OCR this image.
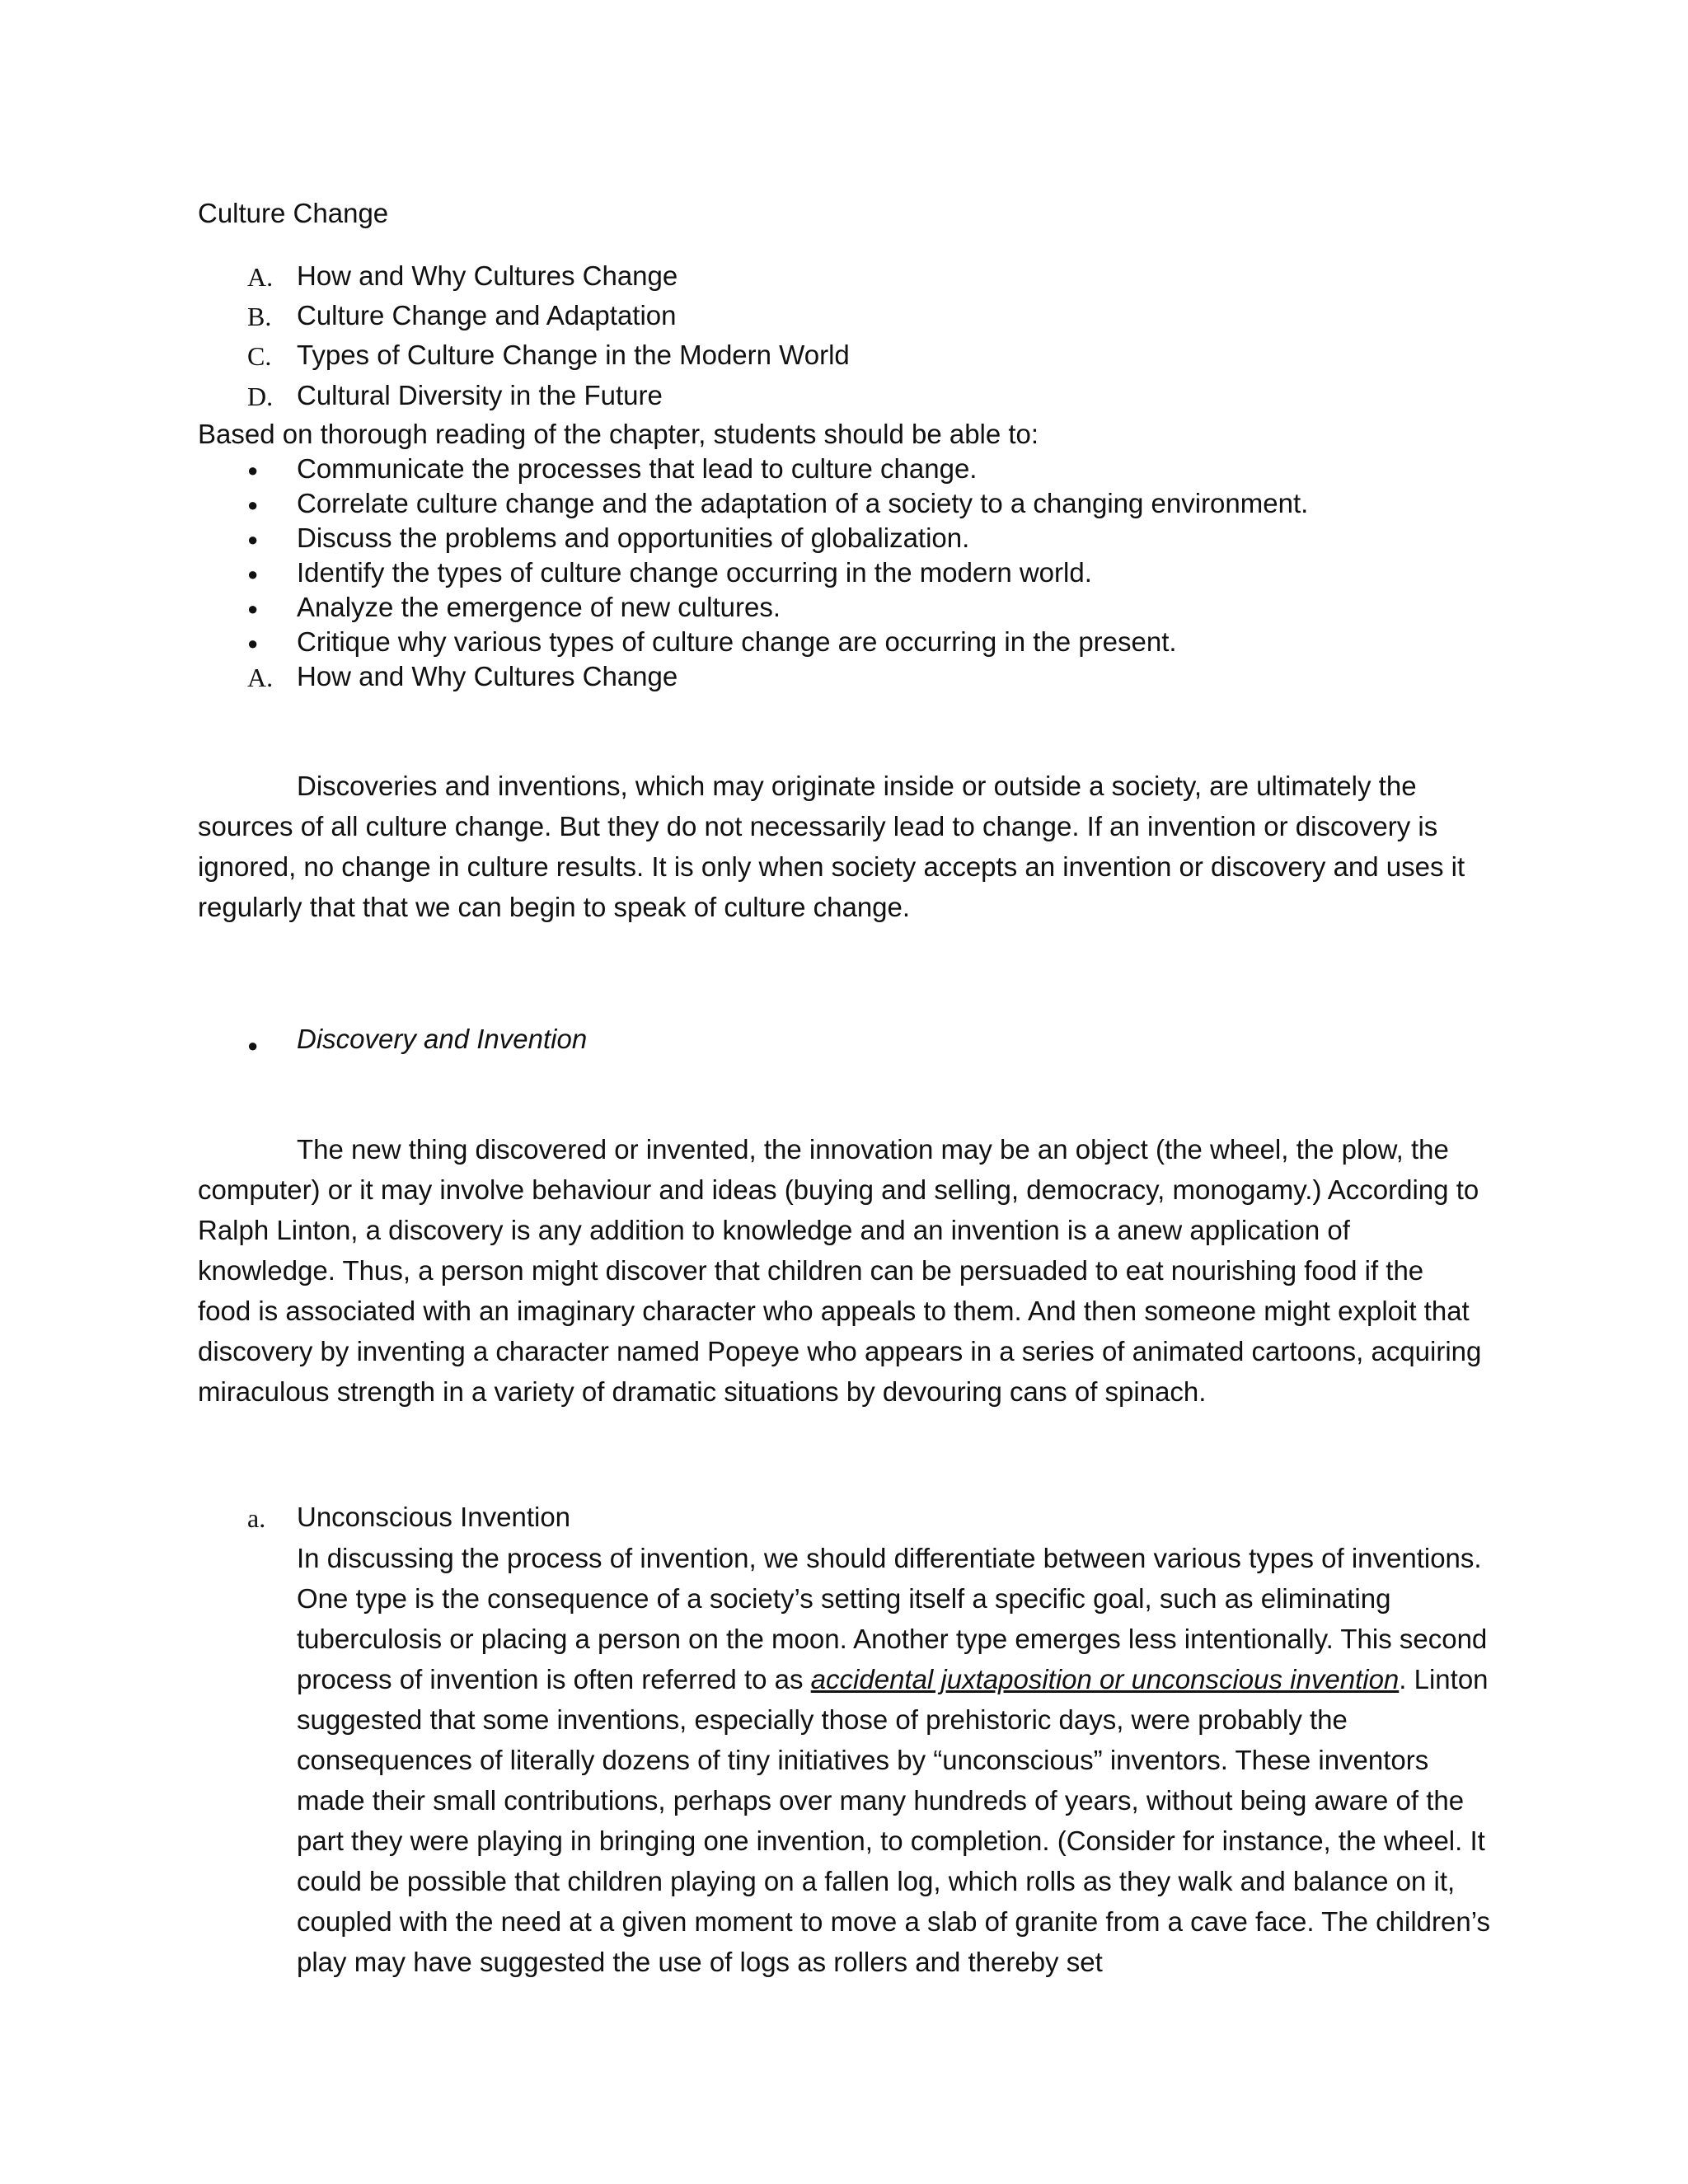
Culture Change
A. How and Why Cultures Change
B. Culture Change and Adaptation
C. Types of Culture Change in the Modern World
D. Cultural Diversity in the Future
Based on thorough reading of the chapter, students should be able to:
●	Communicate the processes that lead to culture change.
●	Correlate culture change and the adaptation of a society to a changing environment.
●	Discuss the problems and opportunities of globalization.
●	Identify the types of culture change occurring in the modern world.
●	Analyze the emergence of new cultures.
●	Critique why various types of culture change are occurring in the present.
A. How and Why Cultures Change
Discoveries and inventions, which may originate inside or outside a society, are ultimately the sources of all culture change. But they do not necessarily lead to change. If an invention or discovery is ignored, no change in culture results. It is only when society accepts an invention or discovery and uses it regularly that that we can begin to speak of culture change.
●	Discovery and Invention
The new thing discovered or invented, the innovation may be an object (the wheel, the plow, the computer) or it may involve behaviour and ideas (buying and selling, democracy, monogamy.) According to Ralph Linton, a discovery is any addition to knowledge and an invention is a anew application of knowledge. Thus, a person might discover that children can be persuaded to eat nourishing food if the food is associated with an imaginary character who appeals to them. And then someone might exploit that discovery by inventing a character named Popeye who appears in a series of animated cartoons, acquiring miraculous strength in a variety of dramatic situations by devouring cans of spinach.
a.	Unconscious Invention
In discussing the process of invention, we should differentiate between various types of inventions. One type is the consequence of a society’s setting itself a specific goal, such as eliminating tuberculosis or placing a person on the moon. Another type emerges less intentionally. This second process of invention is often referred to as accidental juxtaposition or unconscious invention. Linton suggested that some inventions, especially those of prehistoric days, were probably the consequences of literally dozens of tiny initiatives by “unconscious” inventors. These inventors made their small contributions, perhaps over many hundreds of years, without being aware of the part they were playing in bringing one invention, to completion. (Consider for instance, the wheel. It could be possible that children playing on a fallen log, which rolls as they walk and balance on it, coupled with the need at a given moment to move a slab of granite from a cave face. The children’s play may have suggested the use of logs as rollers and thereby set
